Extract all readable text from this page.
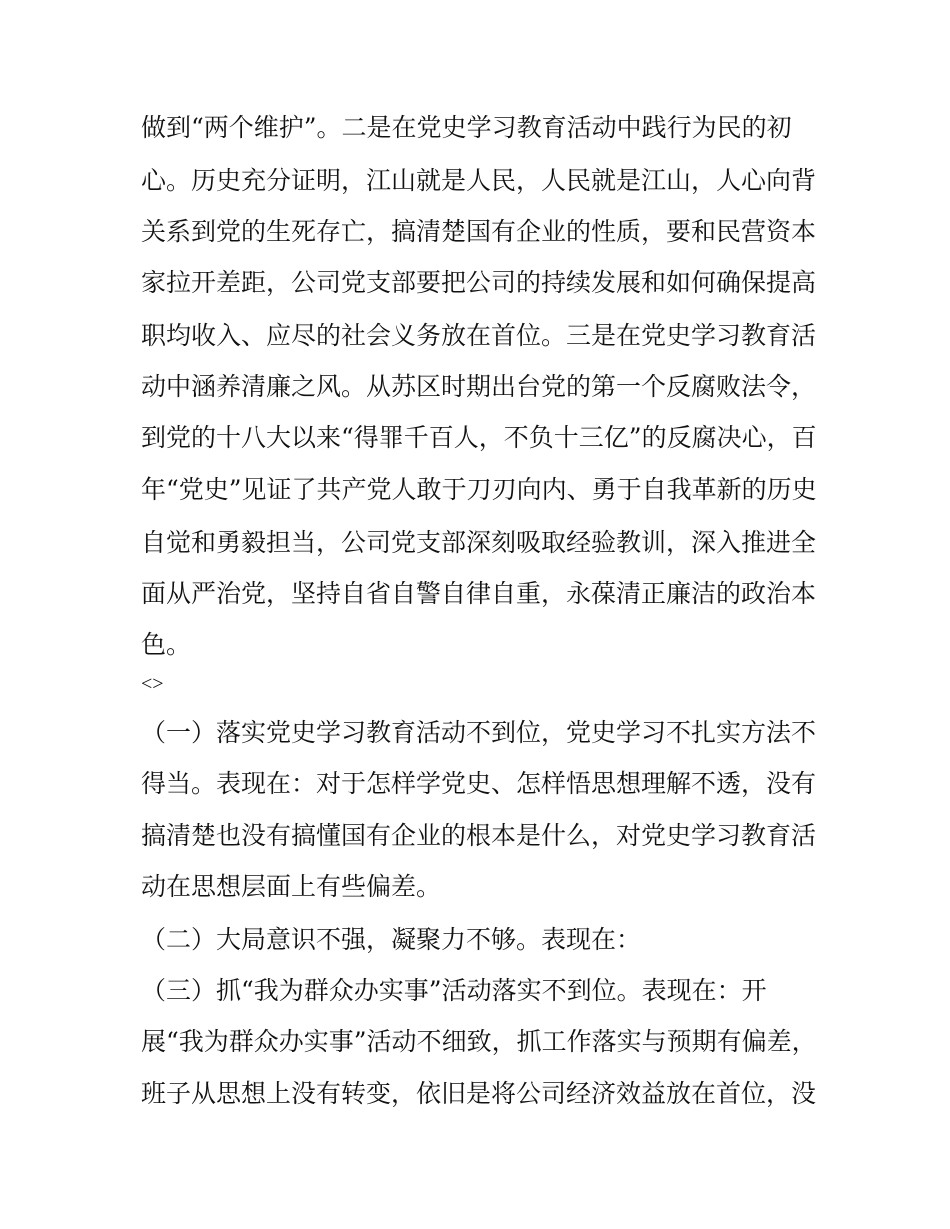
做到“两个维护”。二是在党史学习教育活动中践行为民的初
心。历史充分证明，江山就是人民，人民就是江山，人心向背
关系到党的生死存亡，搞清楚国有企业的性质，要和民营资本
家拉开差距，公司党支部要把公司的持续发展和如何确保提高
职均收入、应尽的社会义务放在首位。三是在党史学习教育活
动中涵养清廉之风。从苏区时期出台党的第一个反腐败法令，
到党的十八大以来“得罪千百人，不负十三亿”的反腐决心，百
年“党史”见证了共产党人敢于刀刃向内、勇于自我革新的历史
自觉和勇毅担当，公司党支部深刻吸取经验教训，深入推进全
面从严治党，坚持自省自警自律自重，永葆清正廉洁的政治本
色。
<>
（一）落实党史学习教育活动不到位，党史学习不扎实方法不
得当。表现在：对于怎样学党史、怎样悟思想理解不透，没有
搞清楚也没有搞懂国有企业的根本是什么，对党史学习教育活
动在思想层面上有些偏差。
（二）大局意识不强，凝聚力不够。表现在：
（三）抓“我为群众办实事”活动落实不到位。表现在：开
展“我为群众办实事”活动不细致，抓工作落实与预期有偏差，
班子从思想上没有转变，依旧是将公司经济效益放在首位，没
